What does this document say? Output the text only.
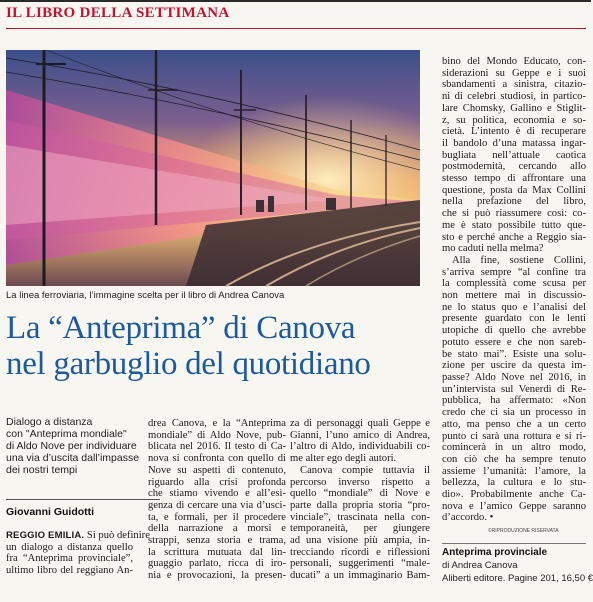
IL LIBRO DELLA SETTIMANA
La linea ferroviaria, l’immagine scelta per il libro di Andrea Canova
La “Anteprima” di Canova
nel garbuglio del quotidiano
Dialogo a distanza
con "Anteprima mondiale"
di Aldo Nove per individuare
una via d’uscita dall’impasse
dei nostri tempi
Giovanni Guidotti
REGGIO EMILIA. Si può definire
un dialogo a distanza quello
fra “Anteprima provinciale”,
ultimo libro del reggiano An-
drea Canova, e la “Anteprima
mondiale” di Aldo Nove, pub-
blicata nel 2016. Il testo di Ca-
nova si confronta con quello di
Nove su aspetti di contenuto,
riguardo alla crisi profonda
che stiamo vivendo e all’esi-
genza di cercare una via d’usci-
ta, e formali, per il procedere
della narrazione a morsi e
strappi, senza storia e trama,
la scrittura mutuata dal lin-
guaggio parlato, ricca di iro-
nia e provocazioni, la presen-
za di personaggi quali Geppe e
Gianni, l’uno amico di Andrea,
l’altro di Aldo, individuabili co-
me alter ego degli autori.
Canova compie tuttavia il
percorso inverso rispetto a
quello “mondiale” di Nove e
parte dalla propria storia “pro-
vinciale”, trascinata nella con-
temporaneità, per giungere
ad una visione più ampia, in-
trecciando ricordi e riflessioni
personali, suggerimenti “male-
ducati” a un immaginario Bam-
bino del Mondo Educato, con-
siderazioni su Geppe e i suoi
sbandamenti a sinistra, citazio-
ni di celebri studiosi, in partico-
lare Chomsky, Gallino e Stiglit-
z, su politica, economia e so-
cietà. L’intento è di recuperare
il bandolo d’una matassa ingar-
bugliata nell’attuale caotica
postmodernità, cercando allo
stesso tempo di affrontare una
questione, posta da Max Collini
nella prefazione del libro,
che si può riassumere così: co-
me è stato possibile tutto que-
sto e perché anche a Reggio sia-
mo caduti nella melma?
Alla fine, sostiene Collini,
s’arriva sempre “al confine tra
la complessità come scusa per
non mettere mai in discussio-
ne lo status quo e l’analisi del
presente guardato con le lenti
utopiche di quello che avrebbe
potuto essere e che non sareb-
be stato mai”. Esiste una solu-
zione per uscire da questa im-
passe? Aldo Nove nel 2016, in
un’intervista sul Venerdì di Re-
pubblica, ha affermato: «Non
credo che ci sia un processo in
atto, ma penso che a un certo
punto ci sarà una rottura e si ri-
comincerà in un altro modo,
con ciò che ha sempre tenuto
assieme l’umanità: l’amore, la
bellezza, la cultura e lo stu-
dio». Probabilmente anche Ca-
nova e l’amico Geppe saranno
d’accordo. •
©RIPRODUZIONE RISERVATA
Anteprima provinciale
di Andrea Canova
Aliberti editore. Pagine 201, 16,50 €
